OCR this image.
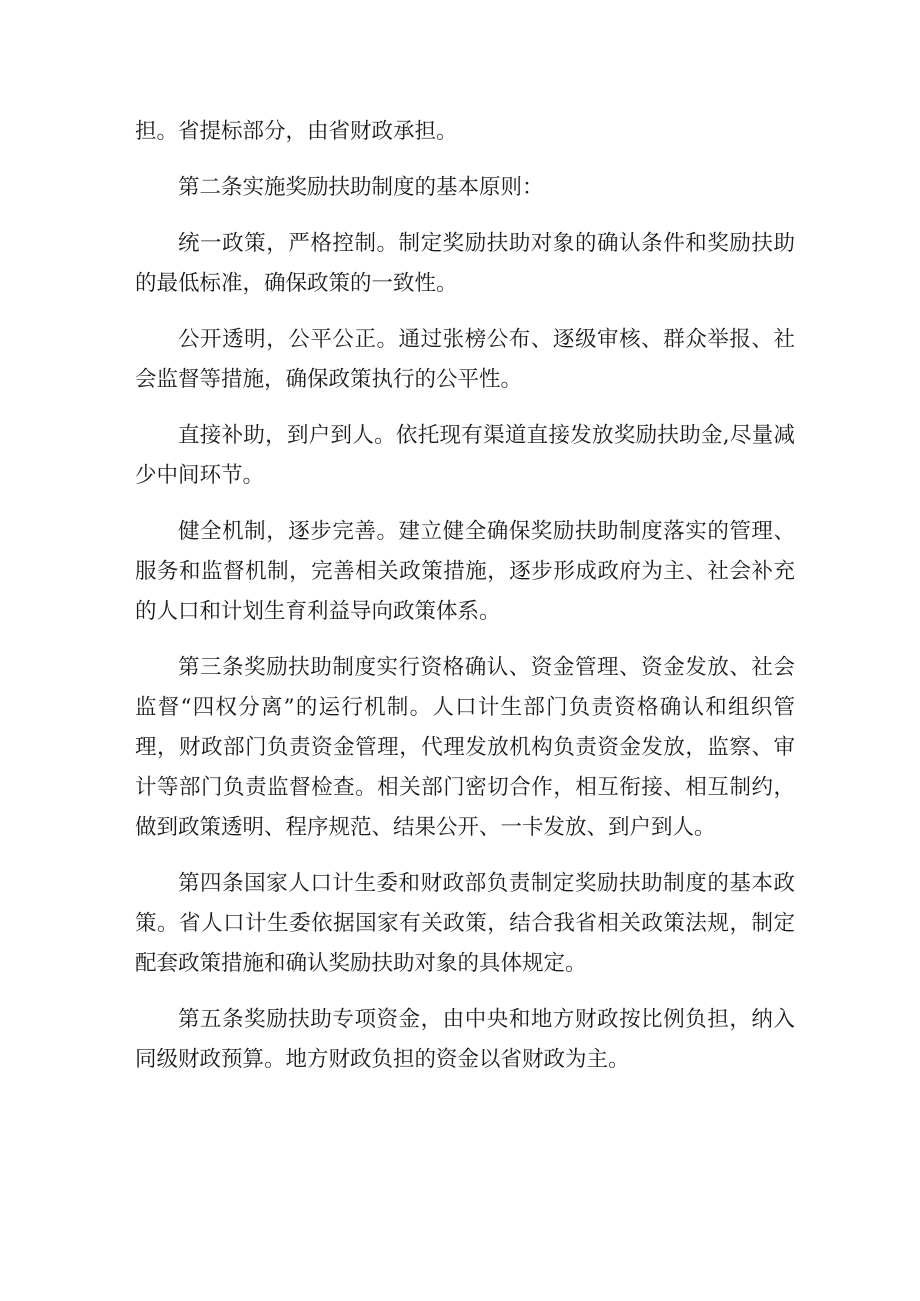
担。省提标部分，由省财政承担。

第二条实施奖励扶助制度的基本原则：

统一政策，严格控制。制定奖励扶助对象的确认条件和奖励扶助的最低标准，确保政策的一致性。

公开透明，公平公正。通过张榜公布、逐级审核、群众举报、社会监督等措施，确保政策执行的公平性。

直接补助，到户到人。依托现有渠道直接发放奖励扶助金,尽量减少中间环节。

健全机制，逐步完善。建立健全确保奖励扶助制度落实的管理、服务和监督机制，完善相关政策措施，逐步形成政府为主、社会补充的人口和计划生育利益导向政策体系。

第三条奖励扶助制度实行资格确认、资金管理、资金发放、社会监督“四权分离”的运行机制。人口计生部门负责资格确认和组织管理，财政部门负责资金管理，代理发放机构负责资金发放，监察、审计等部门负责监督检查。相关部门密切合作，相互衔接、相互制约，做到政策透明、程序规范、结果公开、一卡发放、到户到人。

第四条国家人口计生委和财政部负责制定奖励扶助制度的基本政策。省人口计生委依据国家有关政策，结合我省相关政策法规，制定配套政策措施和确认奖励扶助对象的具体规定。

第五条奖励扶助专项资金，由中央和地方财政按比例负担，纳入同级财政预算。地方财政负担的资金以省财政为主。
